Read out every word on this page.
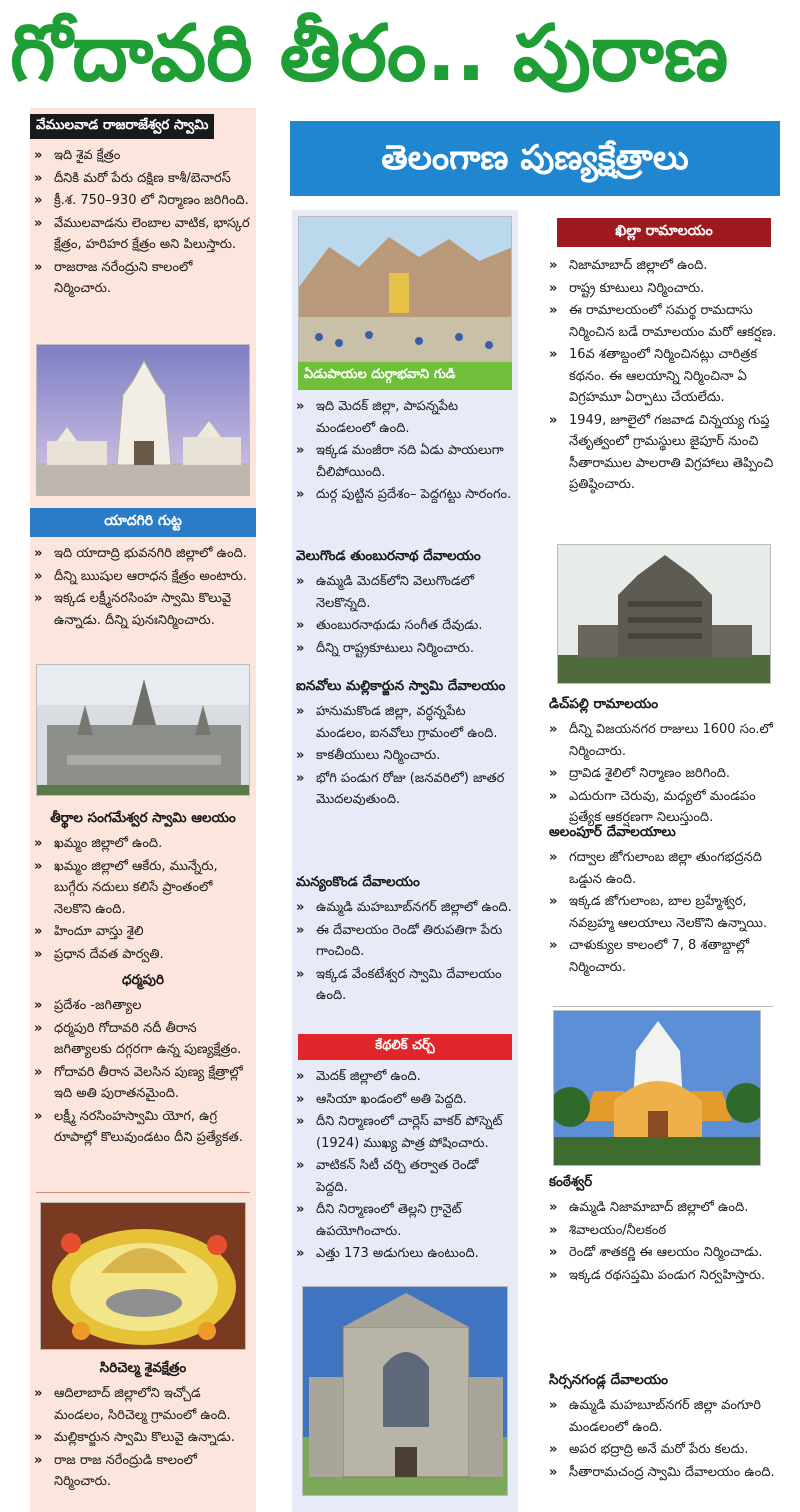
గోదావరి తీరం.. పురాణ
తెలంగాణ పుణ్యక్షేత్రాలు
వేములవాడ రాజరాజేశ్వర స్వామి
» ఇది శైవ క్షేత్రం
» దీనికి మరో పేరు దక్షిణ కాశీ/బెనారస్
» క్రీ.శ. 750–930 లో నిర్మాణం జరిగింది.
» వేములవాడను లెంబాల వాటిక, భాస్కర క్షేత్రం, హరిహర క్షేత్రం అని పిలుస్తారు.
» రాజరాజ నరేంద్రుని కాలంలో నిర్మించారు.
యాదగిరి గుట్ట
» ఇది యాదాద్రి భువనగిరి జిల్లాలో ఉంది.
» దీన్ని ఋషుల ఆరాధన క్షేత్రం అంటారు.
» ఇక్కడ లక్ష్మీనరసింహ స్వామి కొలువై ఉన్నాడు. దీన్ని పునఃనిర్మించారు.
తీర్థాల సంగమేశ్వర స్వామి ఆలయం
» ఖమ్మం జిల్లాలో ఉంది.
» ఖమ్మం జిల్లాలో ఆకేరు, మున్నేరు, బుగ్గేరు నదులు కలిసే ప్రాంతంలో నెలకొని ఉంది.
» హిందూ వాస్తు శైలి
» ప్రధాన దేవత పార్వతి.
ధర్మపురి
» ప్రదేశం -జగిత్యాల
» ధర్మపురి గోదావరి నదీ తీరాన జగిత్యాలకు దగ్గరగా ఉన్న పుణ్యక్షేత్రం.
» గోదావరి తీరాన వెలసిన పుణ్య క్షేత్రాల్లో ఇది అతి పురాతనమైంది.
» లక్ష్మీ నరసింహస్వామి యోగ, ఉగ్ర రూపాల్లో కొలువుండటం దీని ప్రత్యేకత.
సిరిచెల్మ శైవక్షేత్రం
» ఆదిలాబాద్ జిల్లాలోని ఇచ్చోడ మండలం, సిరిచెల్మ గ్రామంలో ఉంది.
» మల్లికార్జున స్వామి కొలువై ఉన్నాడు.
» రాజ రాజ నరేంద్రుడి కాలంలో నిర్మించారు.
ఏడుపాయల దుర్గాభవాని గుడి
» ఇది మెదక్ జిల్లా, పాపన్నపేట మండలంలో ఉంది.
» ఇక్కడ మంజీరా నది ఏడు పాయలుగా చీలిపోయింది.
» దుర్గ పుట్టిన ప్రదేశం– పెద్దగట్టు సారంగం.
వెలుగొండ తుంబురనాథ దేవాలయం
» ఉమ్మడి మెదక్‌లోని వెలుగొండలో నెలకొన్నది.
» తుంబురనాథుడు సంగీత దేవుడు.
» దీన్ని రాష్ట్రకూటులు నిర్మించారు.
ఐనవోలు మల్లికార్జున స్వామి దేవాలయం
» హనుమకొండ జిల్లా, వర్ధన్నపేట మండలం, ఐనవోలు గ్రామంలో ఉంది.
» కాకతీయులు నిర్మించారు.
» భోగి పండుగ రోజు (జనవరిలో) జాతర మొదలవుతుంది.
మన్యంకొండ దేవాలయం
» ఉమ్మడి మహబూబ్‌నగర్ జిల్లాలో ఉంది.
» ఈ దేవాలయం రెండో తిరుపతిగా పేరు గాంచింది.
» ఇక్కడ వేంకటేశ్వర స్వామి దేవాలయం ఉంది.
కేథలిక్ చర్చ్
» మెదక్ జిల్లాలో ఉంది.
» ఆసియా ఖండంలో అతి పెద్దది.
» దీని నిర్మాణంలో చార్లెస్ వాకర్ పోస్నెట్ (1924) ముఖ్య పాత్ర పోషించారు.
» వాటికన్ సిటీ చర్చి తర్వాత రెండో పెద్దది.
» దీని నిర్మాణంలో తెల్లని గ్రానైట్ ఉపయోగించారు.
» ఎత్తు 173 అడుగులు ఉంటుంది.
ఖిల్లా రామాలయం
» నిజామాబాద్ జిల్లాలో ఉంది.
» రాష్ట్ర కూటులు నిర్మించారు.
» ఈ రామాలయంలో సమర్థ రామదాసు నిర్మించిన బడే రామాలయం మరో ఆకర్షణ.
» 16వ శతాబ్దంలో నిర్మించినట్లు చారిత్రక కథనం. ఈ ఆలయాన్ని నిర్మించినా ఏ విగ్రహమూ ఏర్పాటు చేయలేదు.
» 1949, జూలైలో గజవాడ చిన్నయ్య గుప్త నేతృత్వంలో గ్రామస్థులు జైపూర్ నుంచి సీతారాముల పాలరాతి విగ్రహాలు తెప్పించి ప్రతిష్ఠించారు.
డిచ్‌పల్లి రామాలయం
» దీన్ని విజయనగర రాజులు 1600 సం.లో నిర్మించారు.
» ద్రావిడ శైలిలో నిర్మాణం జరిగింది.
» ఎదురుగా చెరువు, మధ్యలో మండపం ప్రత్యేక ఆకర్షణగా నిలుస్తుంది.
అలంపూర్ దేవాలయాలు
» గద్వాల జోగులాంబ జిల్లా తుంగభద్రనది ఒడ్డున ఉంది.
» ఇక్కడ జోగులాంబ, బాల బ్రహ్మేశ్వర, నవబ్రహ్మ ఆలయాలు నెలకొని ఉన్నాయి.
» చాళుక్యుల కాలంలో 7, 8 శతాబ్దాల్లో నిర్మించారు.
కంఠేశ్వర్
» ఉమ్మడి నిజామాబాద్ జిల్లాలో ఉంది.
» శివాలయం/నీలకంఠ
» రెండో శాతకర్ణి ఈ ఆలయం నిర్మించాడు.
» ఇక్కడ రథసప్తమి పండుగ నిర్వహిస్తారు.
సిర్సనగండ్ల దేవాలయం
» ఉమ్మడి మహబూబ్‌నగర్ జిల్లా వంగూరి మండలంలో ఉంది.
» అపర భద్రాద్రి అనే మరో పేరు కలదు.
» సీతారామచంద్ర స్వామి దేవాలయం ఉంది.
